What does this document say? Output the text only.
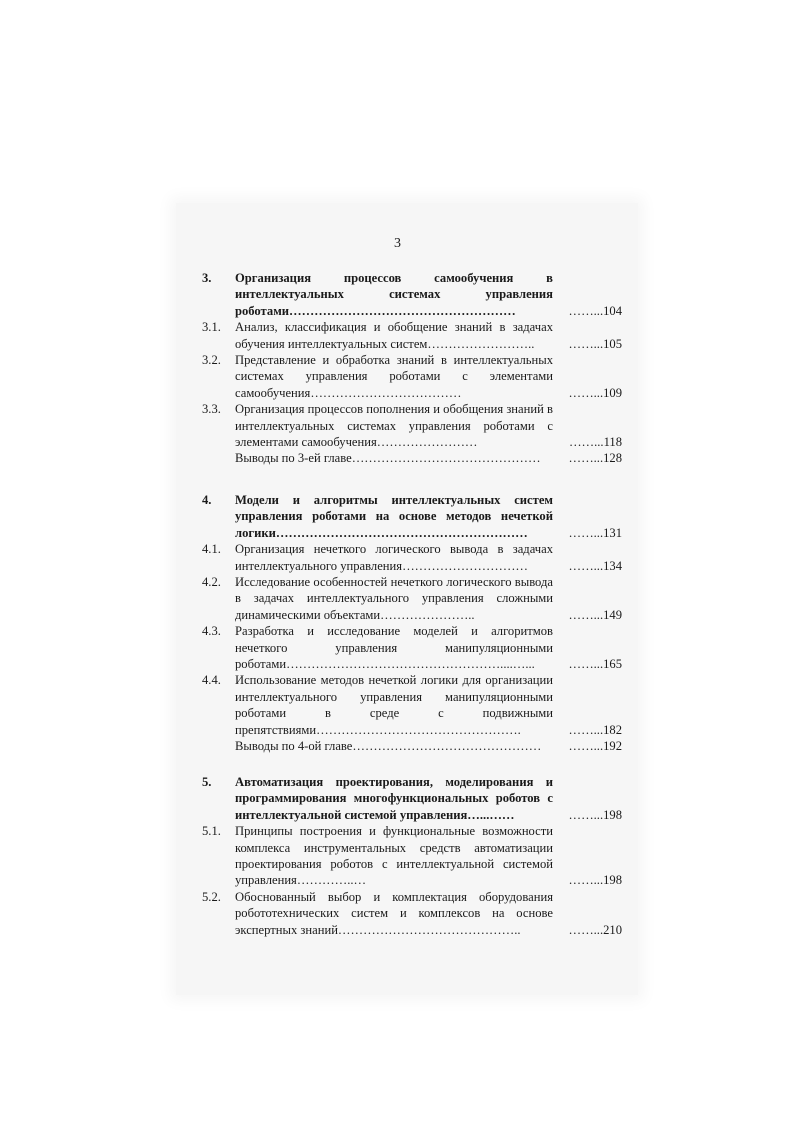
3
3. Организация процессов самообучения в интеллектуальных системах управления роботами………………………………………………	……...104
3.1. Анализ, классификация и обобщение знаний в задачах обучения интеллектуальных систем……………………..	……...105
3.2. Представление и обработка знаний в интеллектуальных системах управления роботами с элементами самообучения………………………………	……...109
3.3. Организация процессов пополнения и обобщения знаний в интеллектуальных системах управления роботами с элементами самообучения……………………	……...118
Выводы по 3-ей главе………………………………………	……...128
4. Модели и алгоритмы интеллектуальных систем управления роботами на основе методов нечеткой логики……………………………………………………	……...131
4.1. Организация нечеткого логического вывода в задачах интеллектуального управления…………………………	……...134
4.2. Исследование особенностей нечеткого логического вывода в задачах интеллектуального управления сложными динамическими объектами…………………..	……...149
4.3. Разработка и исследование моделей и алгоритмов нечеткого управления манипуляционными роботами……………………………………………....…...	……...165
4.4. Использование методов нечеткой логики для организации интеллектуального управления манипуляционными роботами в среде с подвижными препятствиями………………………………………….	……...182
Выводы по 4-ой главе………………………………………	……...192
5. Автоматизация проектирования, моделирования и программирования многофункциональных роботов с интеллектуальной системой управления…...……	……...198
5.1. Принципы построения и функциональные возможности комплекса инструментальных средств автоматизации проектирования роботов с интеллектуальной системой управления…………..…	……...198
5.2. Обоснованный выбор и комплектация оборудования робототехнических систем и комплексов на основе экспертных знаний……………………………………..	……...210
